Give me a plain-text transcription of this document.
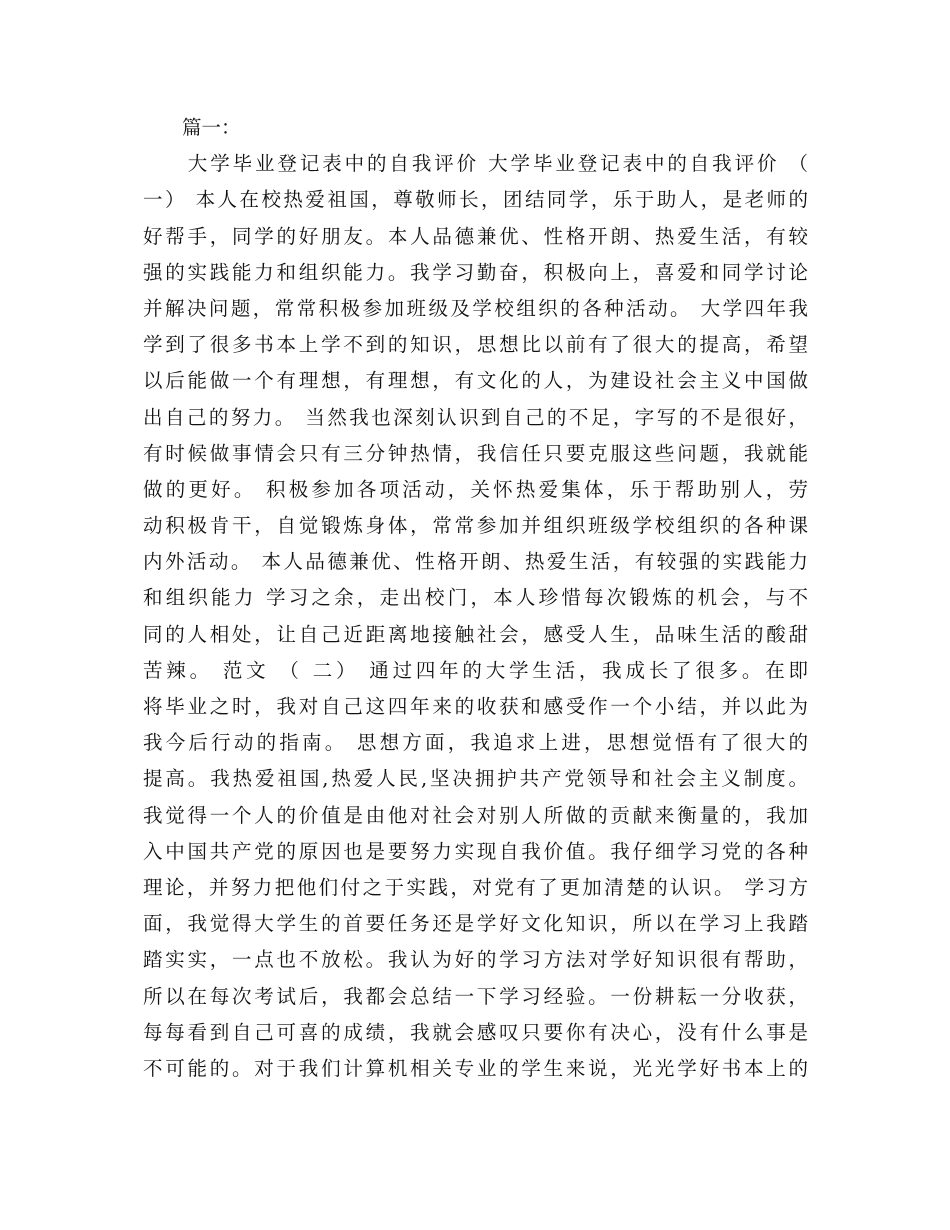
　　篇一：
　　大学毕业登记表中的自我评价 大学毕业登记表中的自我评价 （
一） 本人在校热爱祖国，尊敬师长，团结同学，乐于助人，是老师的
好帮手，同学的好朋友。本人品德兼优、性格开朗、热爱生活，有较
强的实践能力和组织能力。我学习勤奋，积极向上，喜爱和同学讨论
并解决问题，常常积极参加班级及学校组织的各种活动。 大学四年我
学到了很多书本上学不到的知识，思想比以前有了很大的提高，希望
以后能做一个有理想，有理想，有文化的人，为建设社会主义中国做
出自己的努力。 当然我也深刻认识到自己的不足，字写的不是很好，
有时候做事情会只有三分钟热情，我信任只要克服这些问题，我就能
做的更好。 积极参加各项活动，关怀热爱集体，乐于帮助别人，劳
动积极肯干，自觉锻炼身体，常常参加并组织班级学校组织的各种课
内外活动。 本人品德兼优、性格开朗、热爱生活，有较强的实践能力
和组织能力 学习之余，走出校门，本人珍惜每次锻炼的机会，与不
同的人相处，让自己近距离地接触社会，感受人生，品味生活的酸甜
苦辣。 范文 （ 二） 通过四年的大学生活，我成长了很多。在即
将毕业之时，我对自己这四年来的收获和感受作一个小结，并以此为
我今后行动的指南。 思想方面，我追求上进，思想觉悟有了很大的
提高。我热爱祖国,热爱人民,坚决拥护共产党领导和社会主义制度。
我觉得一个人的价值是由他对社会对别人所做的贡献来衡量的，我加
入中国共产党的原因也是要努力实现自我价值。我仔细学习党的各种
理论，并努力把他们付之于实践，对党有了更加清楚的认识。 学习方
面，我觉得大学生的首要任务还是学好文化知识，所以在学习上我踏
踏实实，一点也不放松。我认为好的学习方法对学好知识很有帮助，
所以在每次考试后，我都会总结一下学习经验。一份耕耘一分收获，
每每看到自己可喜的成绩，我就会感叹只要你有决心，没有什么事是
不可能的。对于我们计算机相关专业的学生来说，光光学好书本上的
